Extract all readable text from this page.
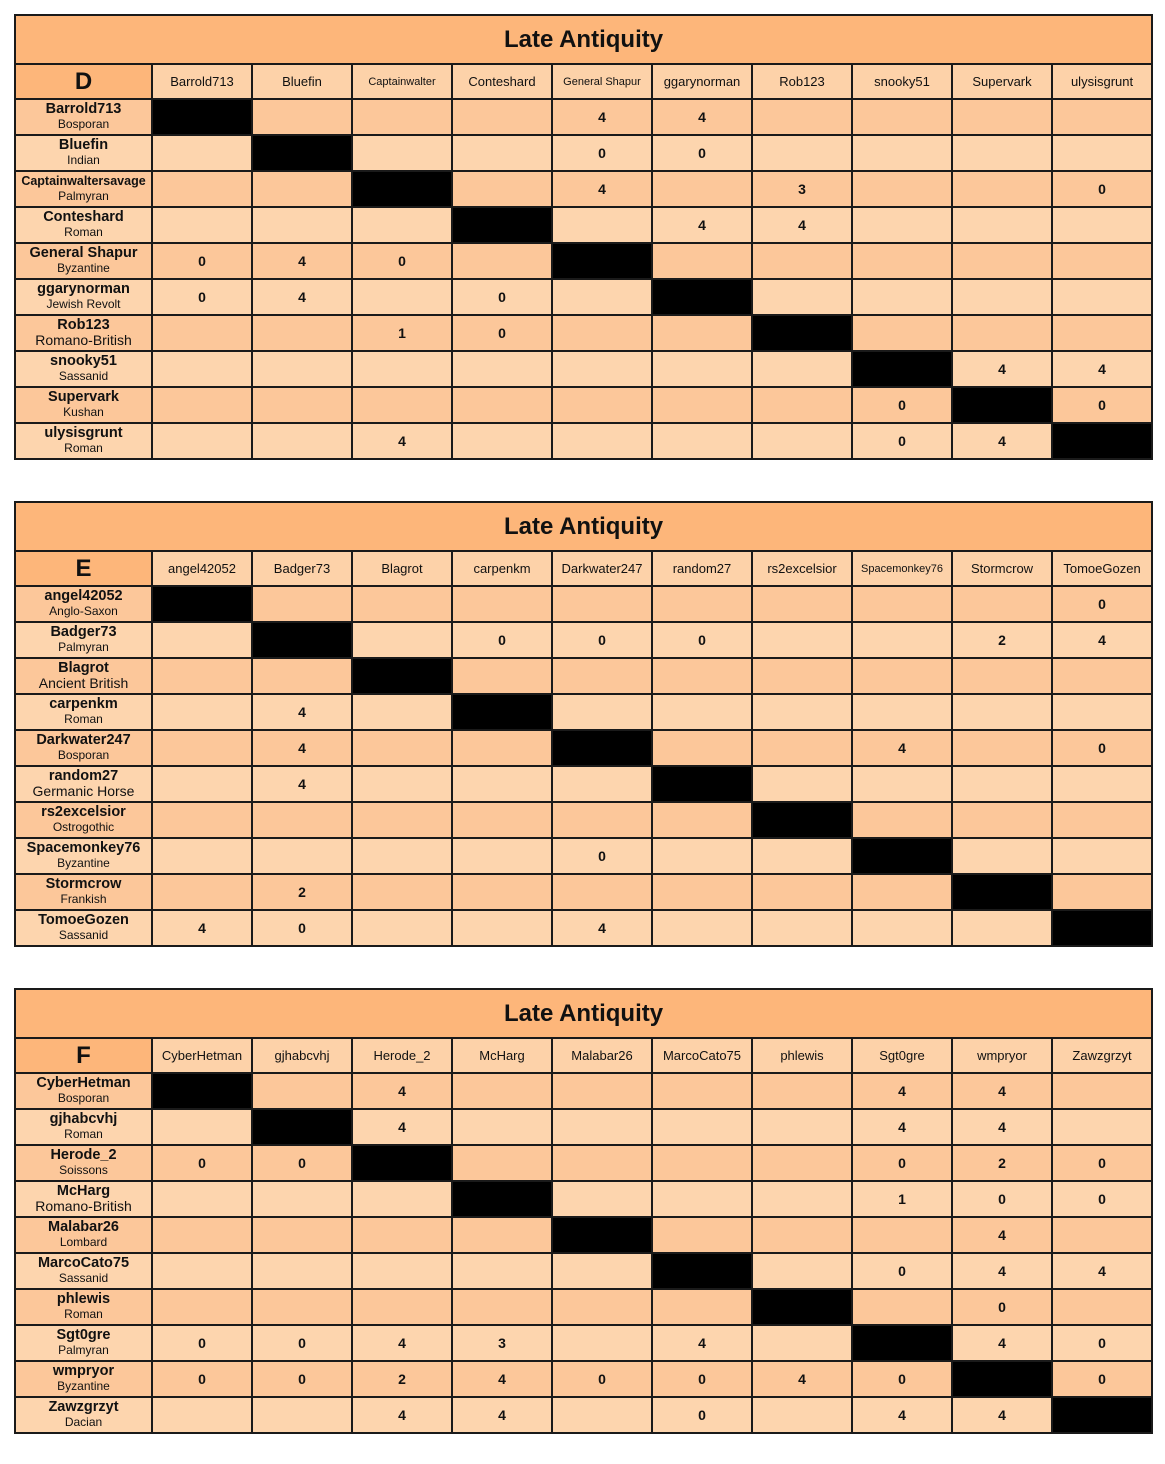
Late Antiquity										
D	Barrold713	Bluefin	Captainwalter	Conteshard	General Shapur	ggarynorman	Rob123	snooky51	Supervark	ulysisgrunt

Barrold713
Bosporan					4	4				

Bluefin
Indian					0	0				

Captainwaltersavage
Palmyran					4		3			0

Conteshard
Roman						4	4			

General Shapur
Byzantine	0	4	0							

ggarynorman
Jewish Revolt	0	4		0						

Rob123
Romano-British			1	0						

snooky51
Sassanid									4	4

Supervark
Kushan								0		0

ulysisgrunt
Roman			4					0	4	
Late Antiquity										
E	angel42052	Badger73	Blagrot	carpenkm	Darkwater247	random27	rs2excelsior	Spacemonkey76	Stormcrow	TomoeGozen

angel42052
Anglo-Saxon										0

Badger73
Palmyran				0	0	0			2	4

Blagrot
Ancient British										

carpenkm
Roman		4								

Darkwater247
Bosporan		4						4		0

random27
Germanic Horse		4								

rs2excelsior
Ostrogothic										

Spacemonkey76
Byzantine					0					

Stormcrow
Frankish		2								

TomoeGozen
Sassanid	4	0			4					
Late Antiquity										
F	CyberHetman	gjhabcvhj	Herode_2	McHarg	Malabar26	MarcoCato75	phlewis	Sgt0gre	wmpryor	Zawzgrzyt

CyberHetman
Bosporan			4					4	4	

gjhabcvhj
Roman			4					4	4	

Herode_2
Soissons	0	0						0	2	0

McHarg
Romano-British								1	0	0

Malabar26
Lombard									4	

MarcoCato75
Sassanid								0	4	4

phlewis
Roman									0	

Sgt0gre
Palmyran	0	0	4	3		4			4	0

wmpryor
Byzantine	0	0	2	4	0	0	4	0		0

Zawzgrzyt
Dacian			4	4		0		4	4	
